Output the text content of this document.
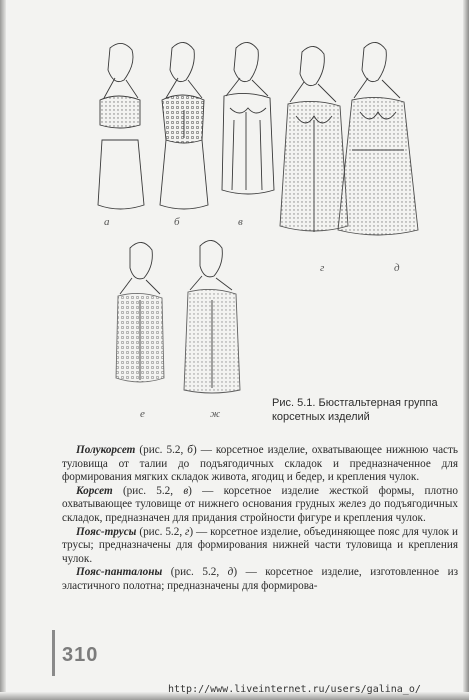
а	б	в
г	д
е	ж
Рис. 5.1. Бюстгальтерная группа
корсетных изделий

Полукорсет (рис. 5.2, б) — корсетное изделие, охватывающее нижнюю часть туловища от талии до подъягодичных складок и предназначенное для формирования мягких складок живота, ягодиц и бедер, и крепления чулок.

Корсет (рис. 5.2, в) — корсетное изделие жесткой формы, плотно охватывающее туловище от нижнего основания грудных желез до подъягодичных складок, предназначен для придания стройности фигуре и крепления чулок.

Пояс-трусы (рис. 5.2, г) — корсетное изделие, объединяющее пояс для чулок и трусы; предназначены для формирования нижней части туловища и крепления чулок.

Пояс-панталоны (рис. 5.2, д) — корсетное изделие, изготовленное из эластичного полотна; предназначены для формирова-

310
http://www.liveinternet.ru/users/galina_o/
